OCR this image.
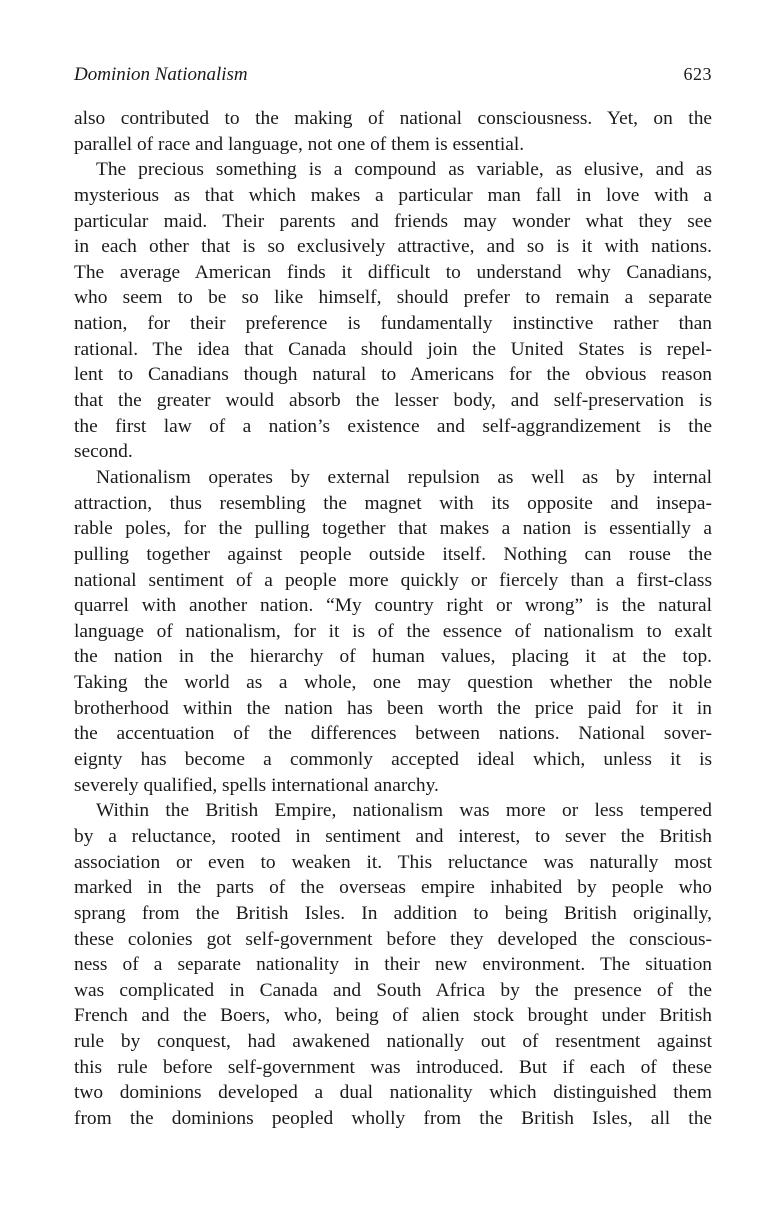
Dominion Nationalism	623
also contributed to the making of national consciousness. Yet, on the
parallel of race and language, not one of them is essential.
The precious something is a compound as variable, as elusive, and as
mysterious as that which makes a particular man fall in love with a
particular maid. Their parents and friends may wonder what they see
in each other that is so exclusively attractive, and so is it with nations.
The average American finds it difficult to understand why Canadians,
who seem to be so like himself, should prefer to remain a separate
nation, for their preference is fundamentally instinctive rather than
rational. The idea that Canada should join the United States is repel-
lent to Canadians though natural to Americans for the obvious reason
that the greater would absorb the lesser body, and self-preservation is
the first law of a nation’s existence and self-aggrandizement is the
second.
Nationalism operates by external repulsion as well as by internal
attraction, thus resembling the magnet with its opposite and insepa-
rable poles, for the pulling together that makes a nation is essentially a
pulling together against people outside itself. Nothing can rouse the
national sentiment of a people more quickly or fiercely than a first-class
quarrel with another nation. “My country right or wrong” is the natural
language of nationalism, for it is of the essence of nationalism to exalt
the nation in the hierarchy of human values, placing it at the top.
Taking the world as a whole, one may question whether the noble
brotherhood within the nation has been worth the price paid for it in
the accentuation of the differences between nations. National sover-
eignty has become a commonly accepted ideal which, unless it is
severely qualified, spells international anarchy.
Within the British Empire, nationalism was more or less tempered
by a reluctance, rooted in sentiment and interest, to sever the British
association or even to weaken it. This reluctance was naturally most
marked in the parts of the overseas empire inhabited by people who
sprang from the British Isles. In addition to being British originally,
these colonies got self-government before they developed the conscious-
ness of a separate nationality in their new environment. The situation
was complicated in Canada and South Africa by the presence of the
French and the Boers, who, being of alien stock brought under British
rule by conquest, had awakened nationally out of resentment against
this rule before self-government was introduced. But if each of these
two dominions developed a dual nationality which distinguished them
from the dominions peopled wholly from the British Isles, all the
